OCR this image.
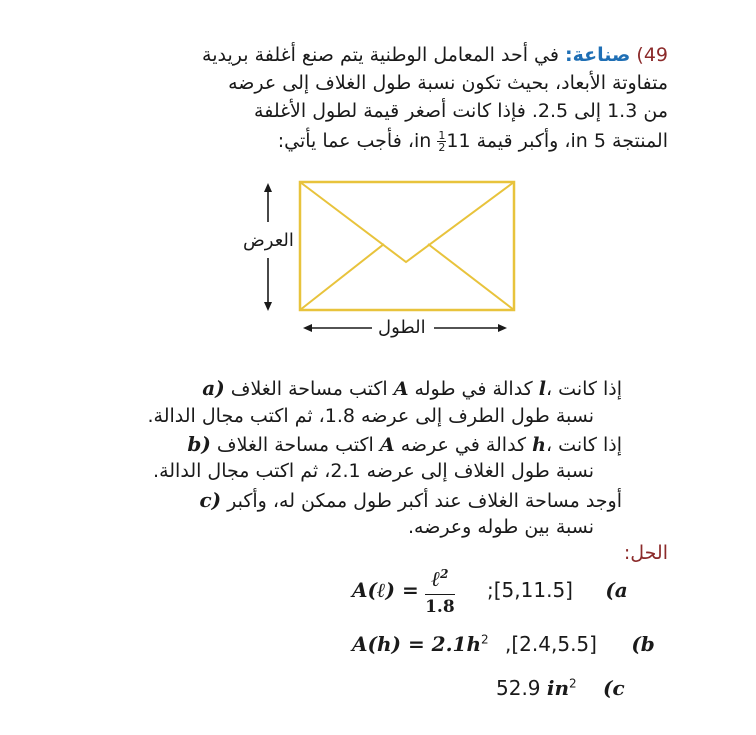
49) صناعة: في أحد المعامل الوطنية يتم صنع أغلفة بريدية
متفاوتة الأبعاد، بحيث تكون نسبة طول الغلاف إلى عرضه
من 1.3 إلى 2.5. فإذا كانت أصغر قيمة لطول الأغلفة
المنتجة 5 in، وأكبر قيمة 11
$\frac{1}{2}$
in، فأجب عما يأتي:
العرض
الطول
a) اكتب مساحة الغلاف A كدالة في طوله l، إذا كانت
نسبة طول الطرف إلى عرضه 1.8، ثم اكتب مجال الدالة.
b) اكتب مساحة الغلاف A كدالة في عرضه h، إذا كانت
نسبة طول الغلاف إلى عرضه 2.1، ثم اكتب مجال الدالة.
c) أوجد مساحة الغلاف عند أكبر طول ممكن له، وأكبر
نسبة بين طوله وعرضه.
الحل:
A(ℓ) = ℓ$^2$
1.8
;[5,11.5] (a
$A(h) = 2.1h^2$ ,[2.4,5.5] (b
52.9 $in^2$ (c
